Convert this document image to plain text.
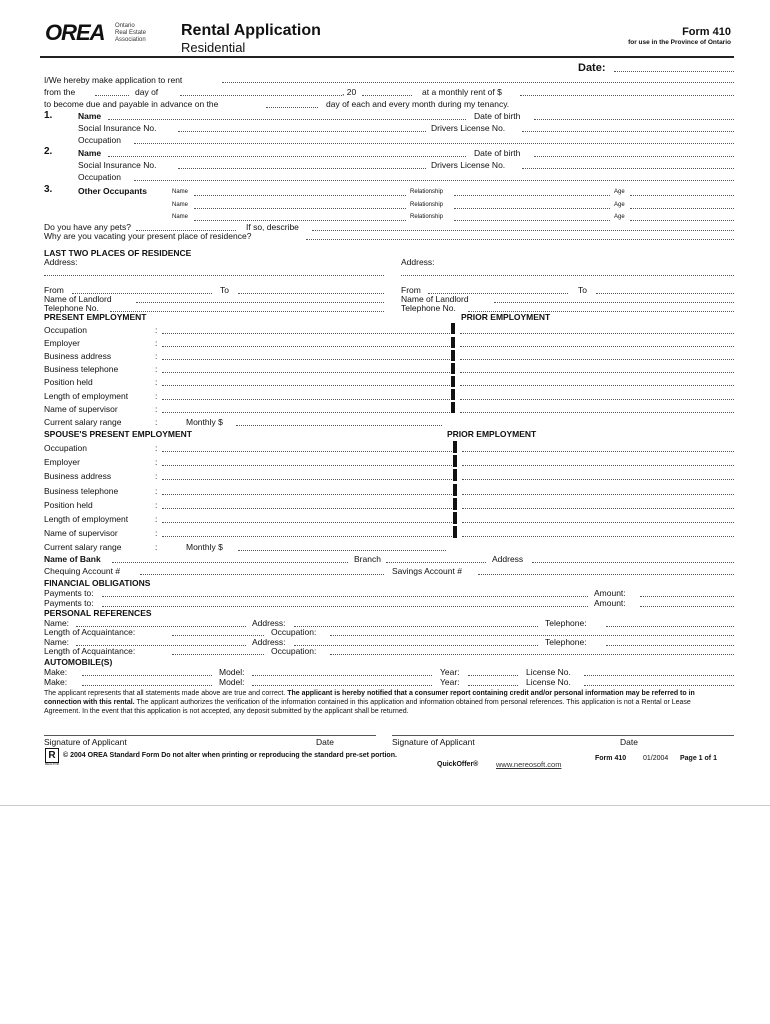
OREA Ontario
Real Estate
Association
Rental Application
Residential
Form 410
for use in the Province of Ontario
Date:
I/We hereby make application to rent
from the	day of	, 20	at a monthly rent of $
to become due and payable in advance on the	day of each and every month during my tenancy.
1.	Name	Date of birth
Social Insurance No.	Drivers License No.
Occupation
2.	Name	Date of birth
Social Insurance No.	Drivers License No.
Occupation
3.	Other Occupants	Name	Relationship	Age
Name	Relationship	Age
Name	Relationship	Age
Do you have any pets?	If so, describe
Why are you vacating your present place of residence?
LAST TWO PLACES OF RESIDENCE
Address:	Address:
From	To	From	To
Name of Landlord	Name of Landlord
Telephone No.	Telephone No.
PRESENT EMPLOYMENT	PRIOR EMPLOYMENT
Occupation	:
Employer	:
Business address	:
Business telephone	:
Position held	:
Length of employment	:
Name of supervisor	:
Current salary range	:	Monthly $
SPOUSE'S PRESENT EMPLOYMENT	PRIOR EMPLOYMENT
Occupation	:
Employer	:
Business address	:
Business telephone	:
Position held	:
Length of employment	:
Name of supervisor	:
Current salary range	:	Monthly $
Name of Bank	Branch	Address
Chequing Account #	Savings Account #
FINANCIAL OBLIGATIONS
Payments to:	Amount:
Payments to:	Amount:
PERSONAL REFERENCES
Name:	Address:	Telephone:
Length of Acquaintance:	Occupation:
Name:	Address:	Telephone:
Length of Acquaintance:	Occupation:
AUTOMOBILE(S)
Make:	Model:	Year:	License No.
Make:	Model:	Year:	License No.
The applicant represents that all statements made above are true and correct. The applicant is hereby notified that a consumer report containing credit and/or personal information may be referred to in connection with this rental. The applicant authorizes the verification of the information contained in this application and information obtained from personal references. This application is not a Rental or Lease Agreement. In the event that this application is not accepted, any deposit submitted by the applicant shall be returned.
Signature of Applicant	Date	Signature of Applicant	Date
R
REALTOR
© 2004 OREA Standard Form Do not alter when printing or reproducing the standard pre-set portion.
QuickOffer® www.nereosoft.com
Form 410 01/2004 Page 1 of 1
